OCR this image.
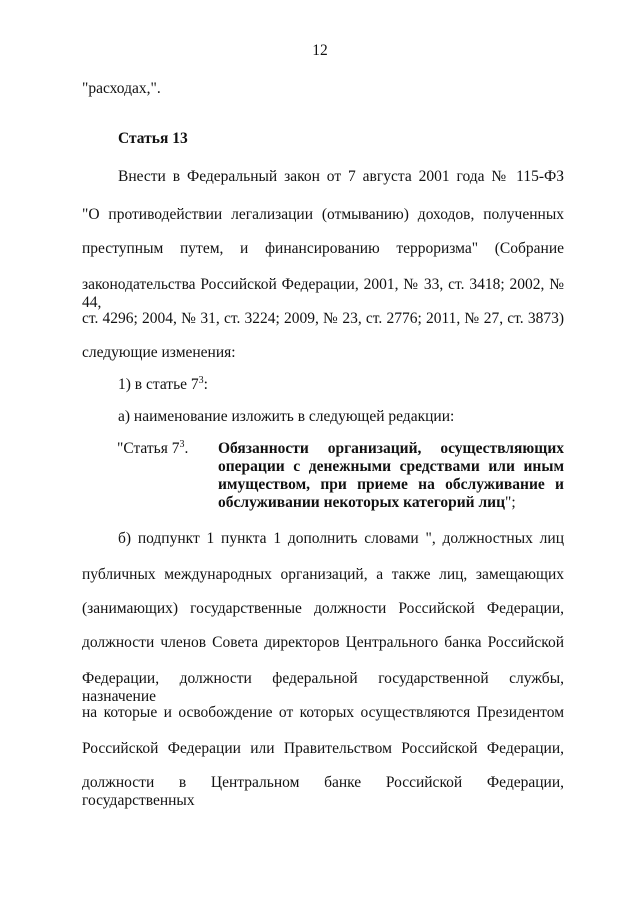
12
"расходах,".
Статья 13
Внести в Федеральный закон от 7 августа 2001 года № 115-ФЗ
"О противодействии легализации (отмыванию) доходов, полученных
преступным путем, и финансированию терроризма" (Собрание
законодательства Российской Федерации, 2001, № 33, ст. 3418; 2002, № 44,
ст. 4296; 2004, № 31, ст. 3224; 2009, № 23, ст. 2776; 2011, № 27, ст. 3873)
следующие изменения:
1) в статье $7^3$:
а) наименование изложить в следующей редакции:
"Статья $7^3$. Обязанности организаций, осуществляющих
операции с денежными средствами или иным
имуществом, при приеме на обслуживание и
обслуживании некоторых категорий лиц";
б) подпункт 1 пункта 1 дополнить словами ", должностных лиц
публичных международных организаций, а также лиц, замещающих
(занимающих) государственные должности Российской Федерации,
должности членов Совета директоров Центрального банка Российской
Федерации, должности федеральной государственной службы, назначение
на которые и освобождение от которых осуществляются Президентом
Российской Федерации или Правительством Российской Федерации,
должности в Центральном банке Российской Федерации, государственных
